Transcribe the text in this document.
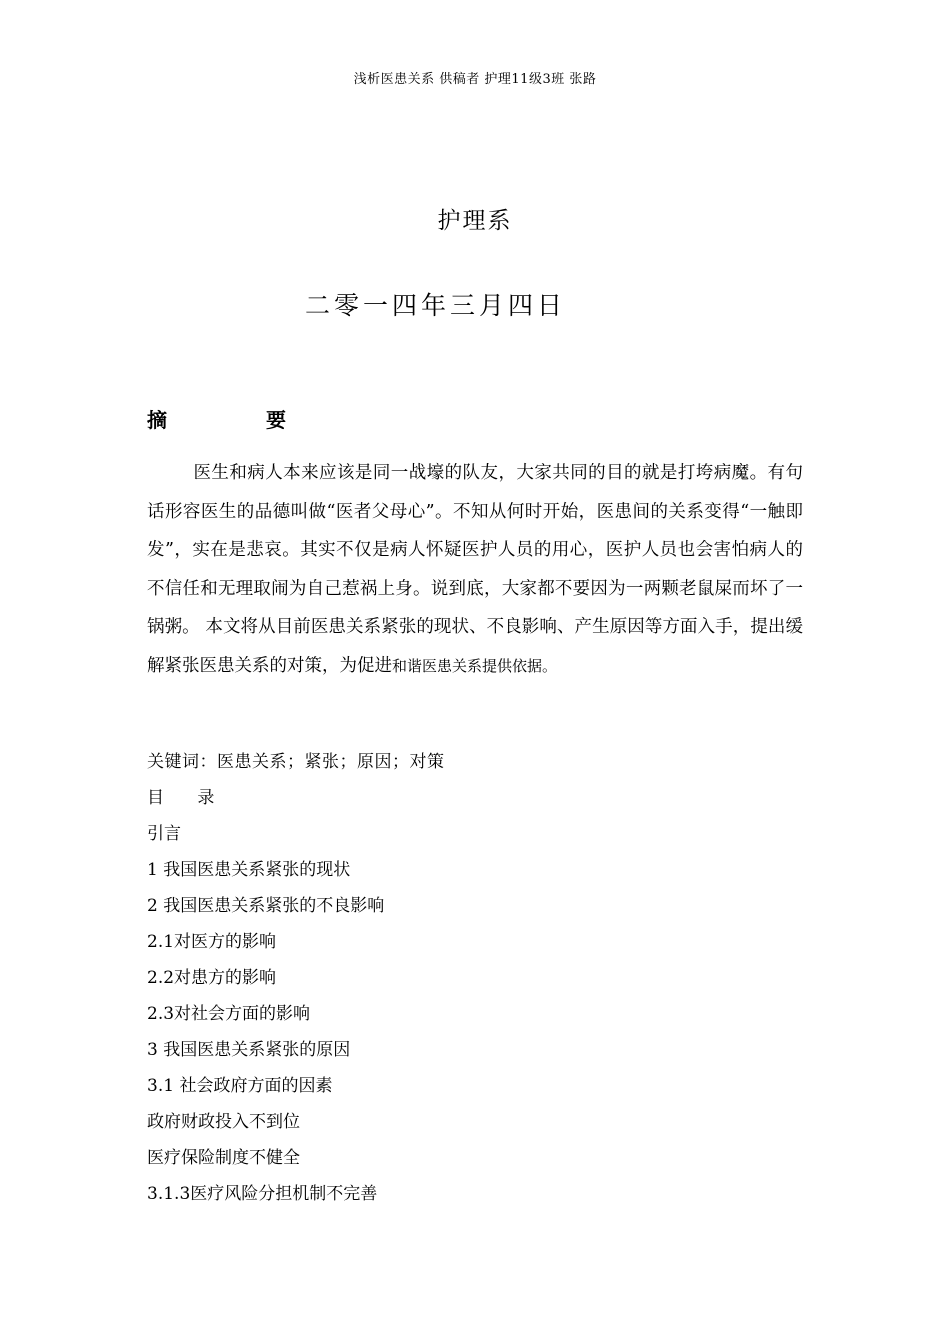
浅析医患关系 供稿者 护理11级3班 张路
护理系
二零一四年三月四日
摘 要
医生和病人本来应该是同一战壕的队友，大家共同的目的就是打垮病魔。有句话形容医生的品德叫做“医者父母心”。不知从何时开始，医患间的关系变得“一触即发”，实在是悲哀。其实不仅是病人怀疑医护人员的用心，医护人员也会害怕病人的不信任和无理取闹为自己惹祸上身。说到底，大家都不要因为一两颗老鼠屎而坏了一锅粥。 本文将从目前医患关系紧张的现状、不良影响、产生原因等方面入手，提出缓解紧张医患关系的对策，为促进和谐医患关系提供依据。
关键词：医患关系；紧张；原因；对策
目 录
引言
1 我国医患关系紧张的现状
2 我国医患关系紧张的不良影响
2.1对医方的影响
2.2对患方的影响
2.3对社会方面的影响
3 我国医患关系紧张的原因
3.1 社会政府方面的因素
政府财政投入不到位
医疗保险制度不健全
3.1.3医疗风险分担机制不完善
